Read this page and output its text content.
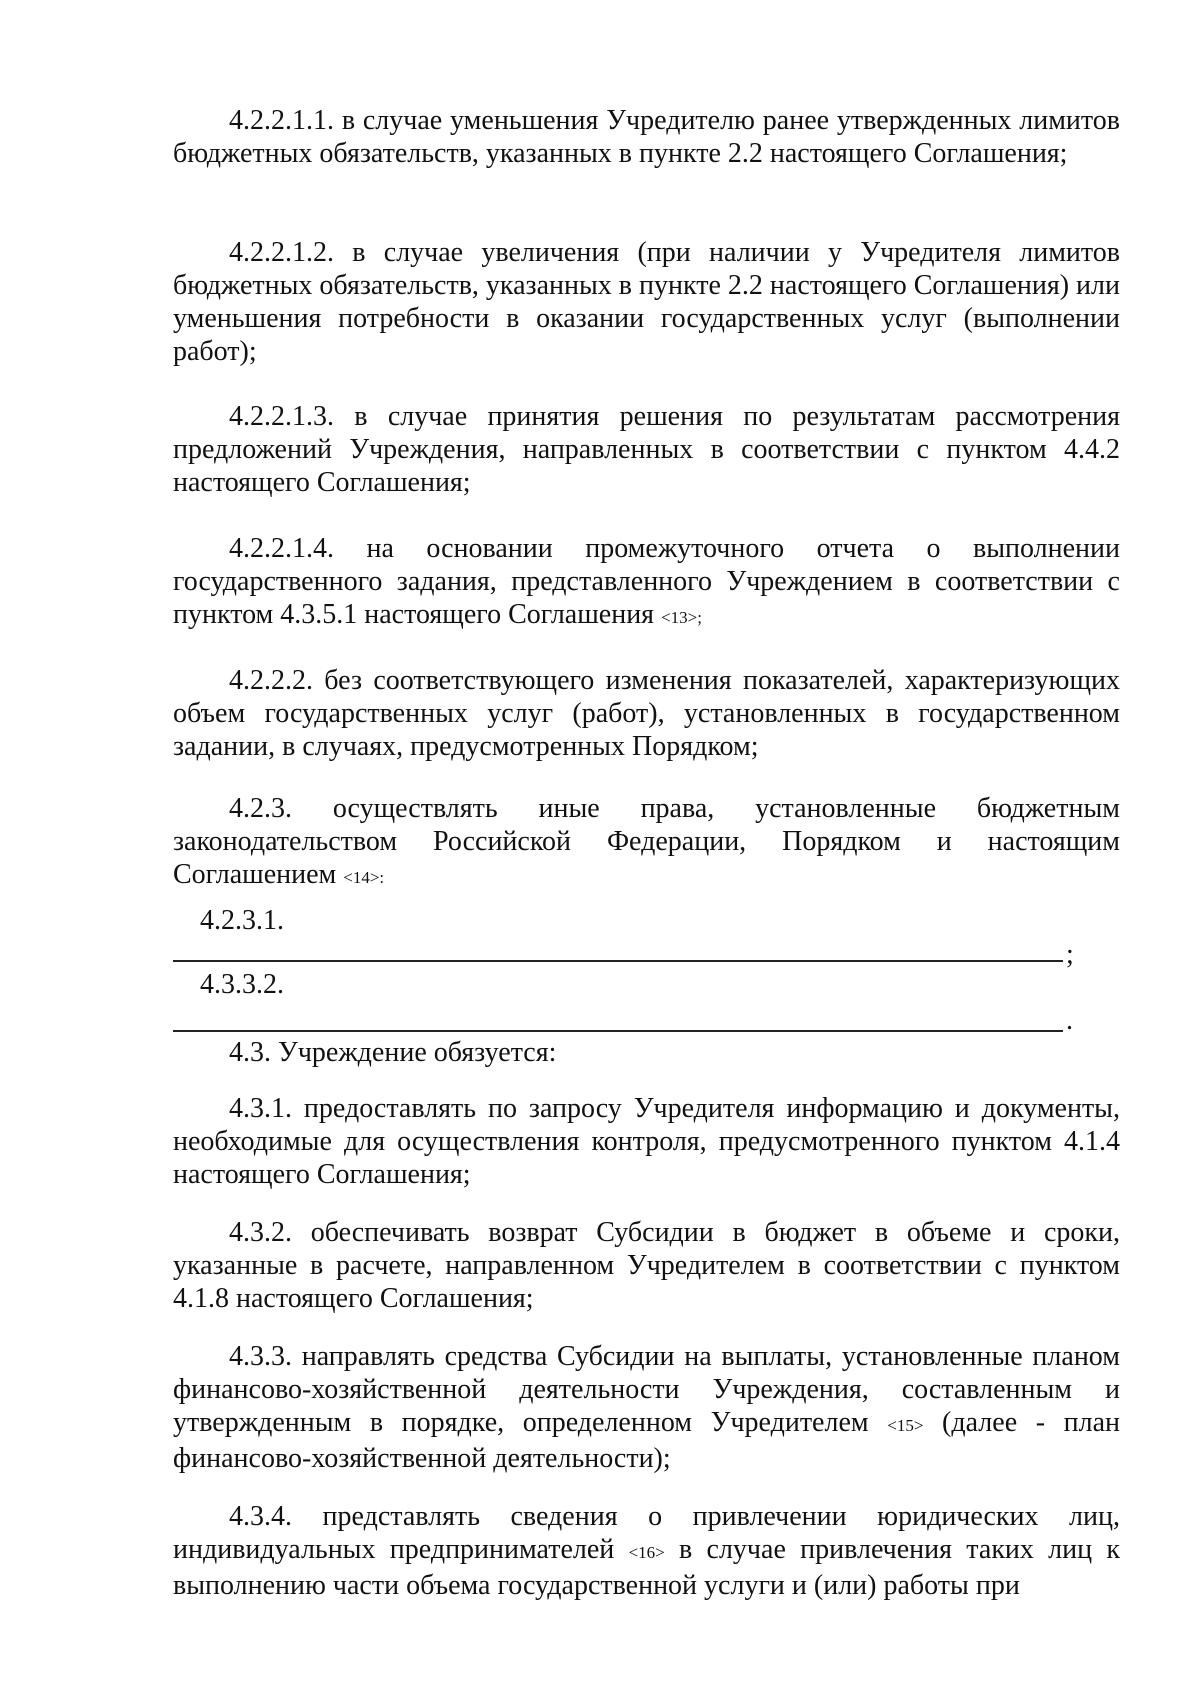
4.2.2.1.1. в случае уменьшения Учредителю ранее утвержденных лимитов бюджетных обязательств, указанных в пункте 2.2 настоящего Соглашения;

4.2.2.1.2. в случае увеличения (при наличии у Учредителя лимитов бюджетных обязательств, указанных в пункте 2.2 настоящего Соглашения) или уменьшения потребности в оказании государственных услуг (выполнении работ);

4.2.2.1.3. в случае принятия решения по результатам рассмотрения предложений Учреждения, направленных в соответствии с пунктом 4.4.2 настоящего Соглашения;

4.2.2.1.4. на основании промежуточного отчета о выполнении государственного задания, представленного Учреждением в соответствии с пунктом 4.3.5.1 настоящего Соглашения <13>;

4.2.2.2. без соответствующего изменения показателей, характеризующих объем государственных услуг (работ), установленных в государственном задании, в случаях, предусмотренных Порядком;

4.2.3. осуществлять иные права, установленные бюджетным законодательством Российской Федерации, Порядком и настоящим Соглашением <14>:

4.2.3.1.
;
4.3.3.2.
.

4.3. Учреждение обязуется:

4.3.1. предоставлять по запросу Учредителя информацию и документы, необходимые для осуществления контроля, предусмотренного пунктом 4.1.4 настоящего Соглашения;

4.3.2. обеспечивать возврат Субсидии в бюджет в объеме и сроки, указанные в расчете, направленном Учредителем в соответствии с пунктом 4.1.8 настоящего Соглашения;

4.3.3. направлять средства Субсидии на выплаты, установленные планом финансово-хозяйственной деятельности Учреждения, составленным и утвержденным в порядке, определенном Учредителем <15> (далее - план финансово-хозяйственной деятельности);

4.3.4. представлять сведения о привлечении юридических лиц, индивидуальных предпринимателей <16> в случае привлечения таких лиц к выполнению части объема государственной услуги и (или) работы при
